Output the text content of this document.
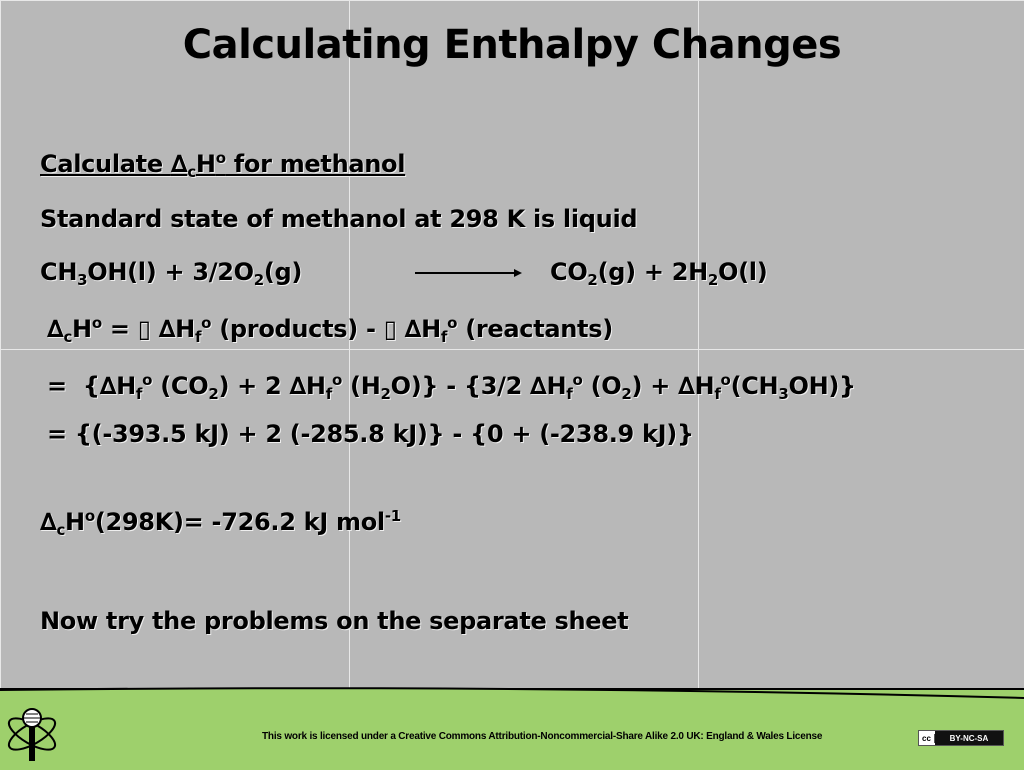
Calculating Enthalpy Changes
Calculate $\Delta_cH^o$ for methanol
Standard state of methanol at 298 K is liquid
$CH_3OH(l) + 3/2O_2(g)$	$CO_2(g) + 2H_2O(l)$
$\Delta_cH^o$ = ▯ $\Delta H_f^o$ (products) - ▯ $\Delta H_f^o$ (reactants)
=  {$\Delta H_f^o$ $(CO_2) + 2$ $\Delta H_f^o$ $(H_2O)\} - \{3/2$ $\Delta H_f^o$ $(O_2) + \Delta H_f^o(CH_3OH)$}
= {(-393.5 kJ) + 2 (-285.8 kJ)} - {0 + (-238.9 kJ)}
$\Delta_cH^o(298K)= -726.2$ kJ mol$^{-1}$
Now try the problems on the separate sheet
This work is licensed under a Creative Commons Attribution-Noncommercial-Share Alike 2.0 UK: England & Wales License	cc	BY-NC-SA
